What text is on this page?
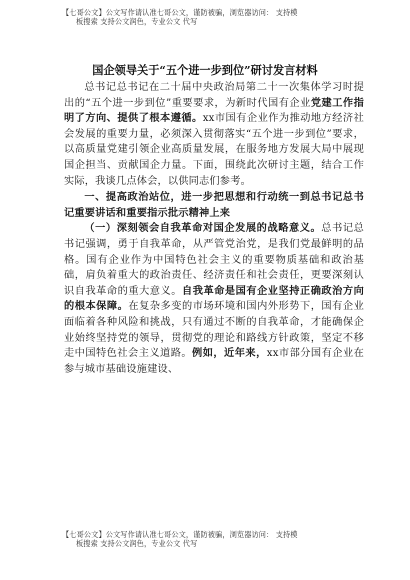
【七哥公文】公文写作请认准七哥公文，谨防被骗，浏览器访问： 支持模
板搜索 支持公文润色，专业公文 代写
国企领导关于“五个进一步到位”研讨发言材料

总书记总书记在二十届中央政治局第二十一次集体学习时提出的“五个进一步到位”重要要求，为新时代国有企业党建工作指明了方向、提供了根本遵循。xx市国有企业作为推动地方经济社会发展的重要力量，必须深入贯彻落实“五个进一步到位”要求，以高质量党建引领企业高质量发展，在服务地方发展大局中展现国企担当、贡献国企力量。下面，围绕此次研讨主题，结合工作实际，我谈几点体会，以供同志们参考。

一、提高政治站位，进一步把思想和行动统一到总书记总书记重要讲话和重要指示批示精神上来

（一）深刻领会自我革命对国企发展的战略意义。总书记总书记强调，勇于自我革命，从严管党治党，是我们党最鲜明的品格。国有企业作为中国特色社会主义的重要物质基础和政治基础，肩负着重大的政治责任、经济责任和社会责任，更要深刻认识自我革命的重大意义。自我革命是国有企业坚持正确政治方向的根本保障。在复杂多变的市场环境和国内外形势下，国有企业面临着各种风险和挑战，只有通过不断的自我革命，才能确保企业始终坚持党的领导，贯彻党的理论和路线方针政策，坚定不移走中国特色社会主义道路。例如，近年来，xx市部分国有企业在参与城市基础设施建设、

【七哥公文】公文写作请认准七哥公文，谨防被骗，浏览器访问： 支持模
板搜索 支持公文润色，专业公文 代写
